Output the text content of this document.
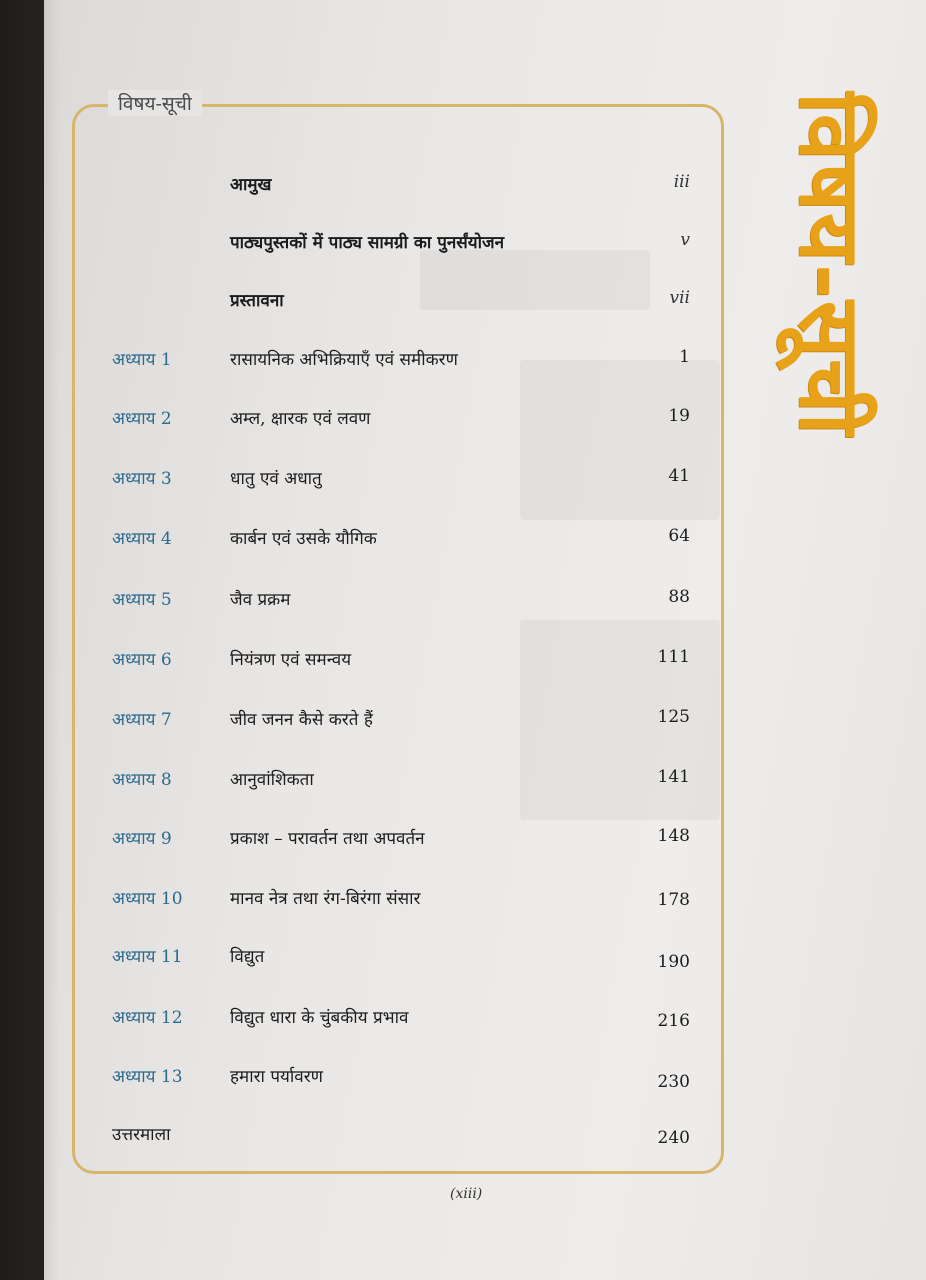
विषय-सूची
आमुख	iii
पाठ्यपुस्तकों में पाठ्य सामग्री का पुनर्संयोजन	v
प्रस्तावना	vii
अध्याय 1	रासायनिक अभिक्रियाएँ एवं समीकरण	1
अध्याय 2	अम्ल, क्षारक एवं लवण	19
अध्याय 3	धातु एवं अधातु	41
अध्याय 4	कार्बन एवं उसके यौगिक	64
अध्याय 5	जैव प्रक्रम	88
अध्याय 6	नियंत्रण एवं समन्वय	111
अध्याय 7	जीव जनन कैसे करते हैं	125
अध्याय 8	आनुवांशिकता	141
अध्याय 9	प्रकाश – परावर्तन तथा अपवर्तन	148
अध्याय 10	मानव नेत्र तथा रंग-बिरंगा संसार	178
अध्याय 11	विद्युत	190
अध्याय 12	विद्युत धारा के चुंबकीय प्रभाव	216
अध्याय 13	हमारा पर्यावरण	230
उत्तरमाला	240
(xiii)
विषय-सूची
